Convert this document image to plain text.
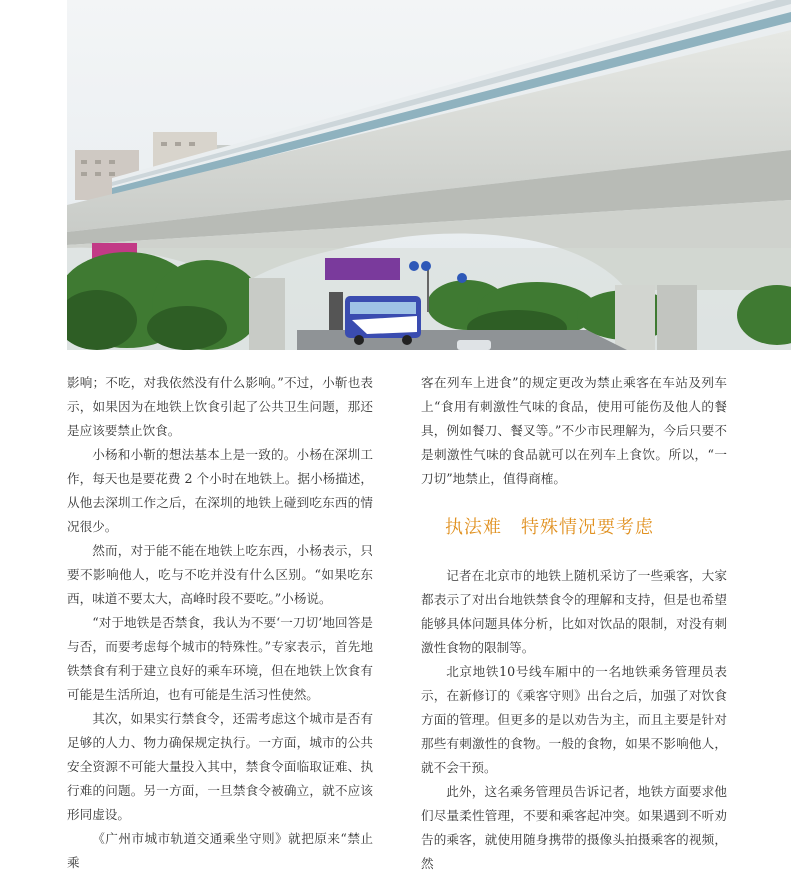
影响；不吃，对我依然没有什么影响。”不过，小靳也表示，如果因为在地铁上饮食引起了公共卫生问题，那还是应该要禁止饮食。

小杨和小靳的想法基本上是一致的。小杨在深圳工作，每天也是要花费 2 个小时在地铁上。据小杨描述，从他去深圳工作之后，在深圳的地铁上碰到吃东西的情况很少。

然而，对于能不能在地铁上吃东西，小杨表示，只要不影响他人，吃与不吃并没有什么区别。“如果吃东西，味道不要太大，高峰时段不要吃。”小杨说。

“对于地铁是否禁食，我认为不要‘一刀切’地回答是与否，而要考虑每个城市的特殊性。”专家表示，首先地铁禁食有利于建立良好的乘车环境，但在地铁上饮食有可能是生活所迫，也有可能是生活习性使然。

其次，如果实行禁食令，还需考虑这个城市是否有足够的人力、物力确保规定执行。一方面，城市的公共安全资源不可能大量投入其中，禁食令面临取证难、执行难的问题。另一方面，一旦禁食令被确立，就不应该形同虚设。

《广州市城市轨道交通乘坐守则》就把原来“禁止乘

客在列车上进食”的规定更改为禁止乘客在车站及列车上“食用有刺激性气味的食品，使用可能伤及他人的餐具，例如餐刀、餐叉等。”不少市民理解为，今后只要不是刺激性气味的食品就可以在列车上食饮。所以，“一刀切”地禁止，值得商榷。

执法难　特殊情况要考虑

记者在北京市的地铁上随机采访了一些乘客，大家都表示了对出台地铁禁食令的理解和支持，但是也希望能够具体问题具体分析，比如对饮品的限制，对没有刺激性食物的限制等。

北京地铁10号线车厢中的一名地铁乘务管理员表示，在新修订的《乘客守则》出台之后，加强了对饮食方面的管理。但更多的是以劝告为主，而且主要是针对那些有刺激性的食物。一般的食物，如果不影响他人，就不会干预。

此外，这名乘务管理员告诉记者，地铁方面要求他们尽量柔性管理，不要和乘客起冲突。如果遇到不听劝告的乘客，就使用随身携带的摄像头拍摄乘客的视频，然
